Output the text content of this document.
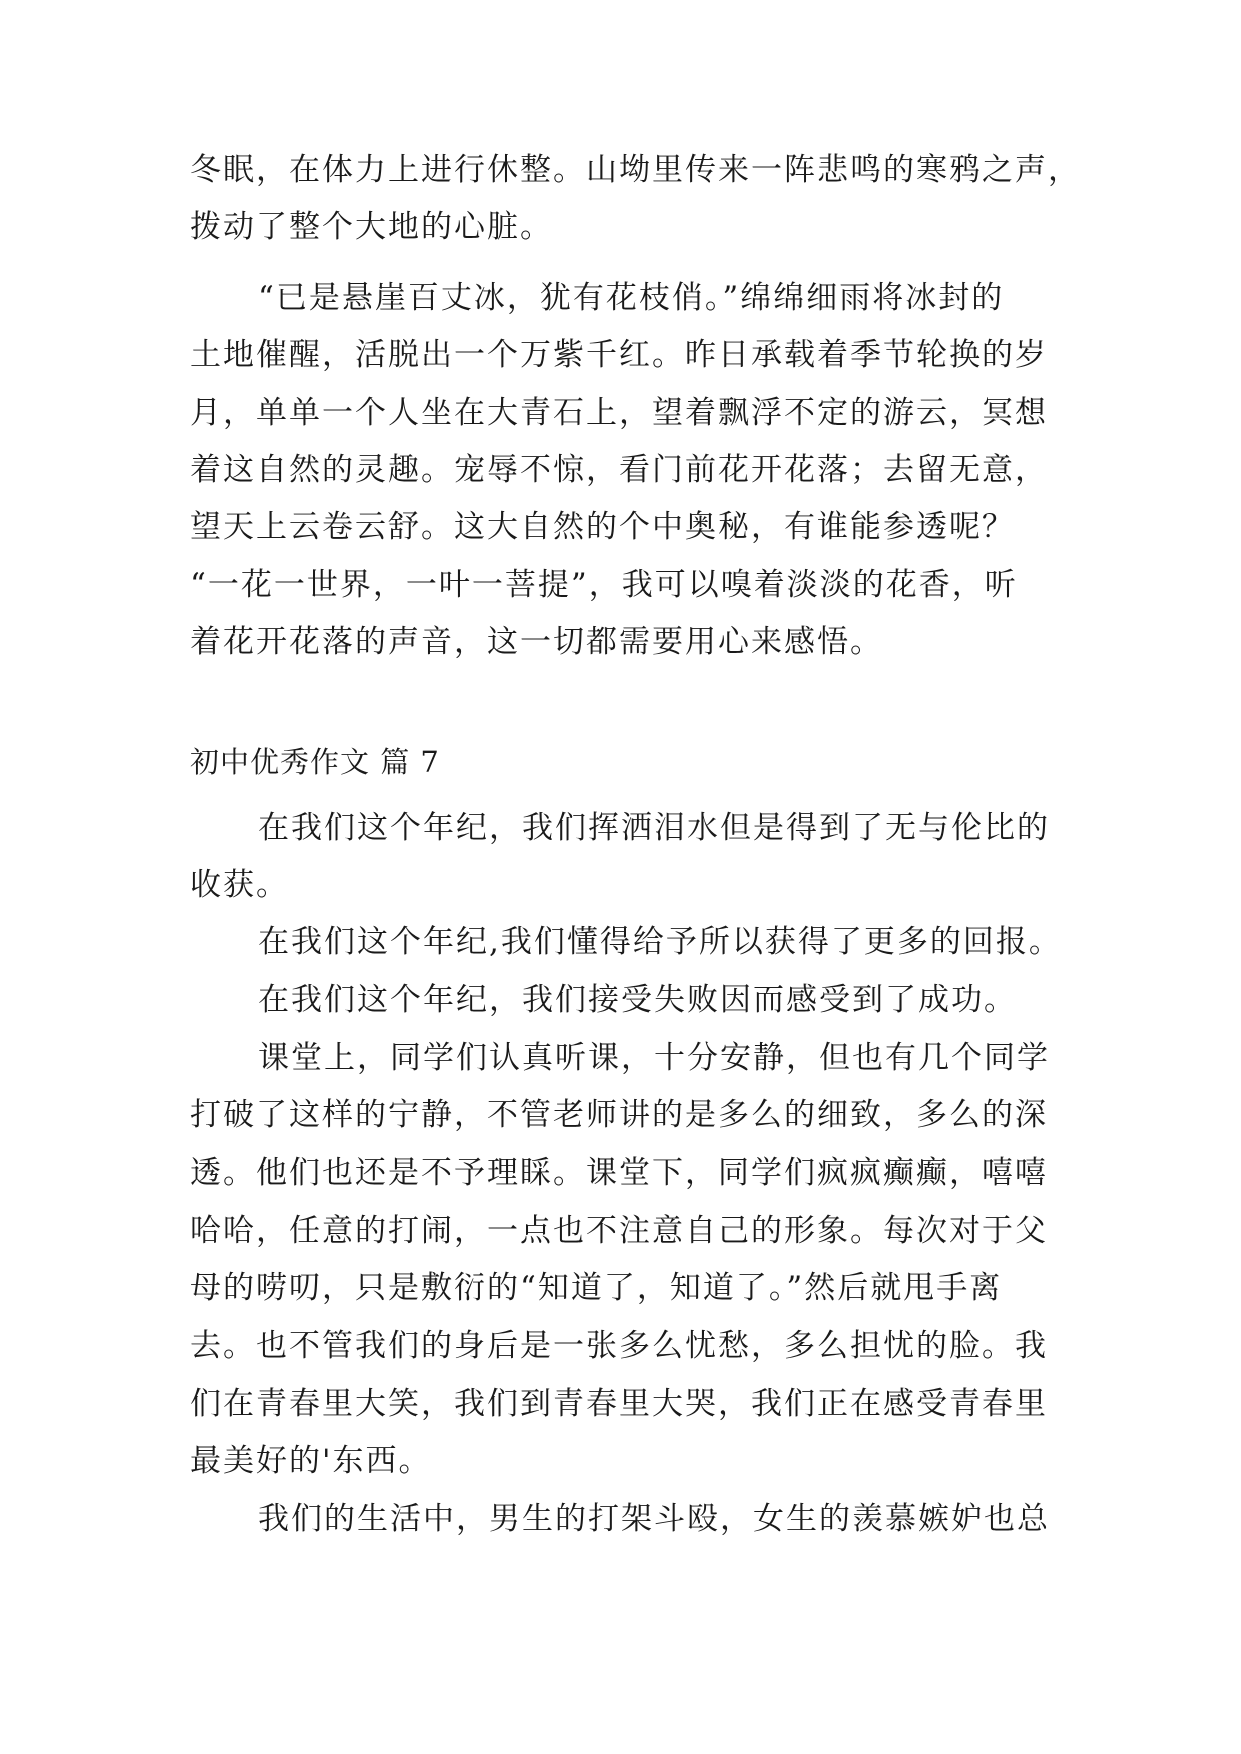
冬眠，在体力上进行休整。山坳里传来一阵悲鸣的寒鸦之声，

拨动了整个大地的心脏。

“已是悬崖百丈冰，犹有花枝俏。”绵绵细雨将冰封的

土地催醒，活脱出一个万紫千红。昨日承载着季节轮换的岁

月，单单一个人坐在大青石上，望着飘浮不定的游云，冥想

着这自然的灵趣。宠辱不惊，看门前花开花落；去留无意，

望天上云卷云舒。这大自然的个中奥秘，有谁能参透呢？

“一花一世界，一叶一菩提”，我可以嗅着淡淡的花香，听

着花开花落的声音，这一切都需要用心来感悟。

初中优秀作文 篇 7

在我们这个年纪，我们挥洒泪水但是得到了无与伦比的

收获。

在我们这个年纪,我们懂得给予所以获得了更多的回报。

在我们这个年纪，我们接受失败因而感受到了成功。

课堂上，同学们认真听课，十分安静，但也有几个同学

打破了这样的宁静，不管老师讲的是多么的细致，多么的深

透。他们也还是不予理睬。课堂下，同学们疯疯癫癫，嘻嘻

哈哈，任意的打闹，一点也不注意自己的形象。每次对于父

母的唠叨，只是敷衍的“知道了，知道了。”然后就甩手离

去。也不管我们的身后是一张多么忧愁，多么担忧的脸。我

们在青春里大笑，我们到青春里大哭，我们正在感受青春里

最美好的'东西。

我们的生活中，男生的打架斗殴，女生的羡慕嫉妒也总
